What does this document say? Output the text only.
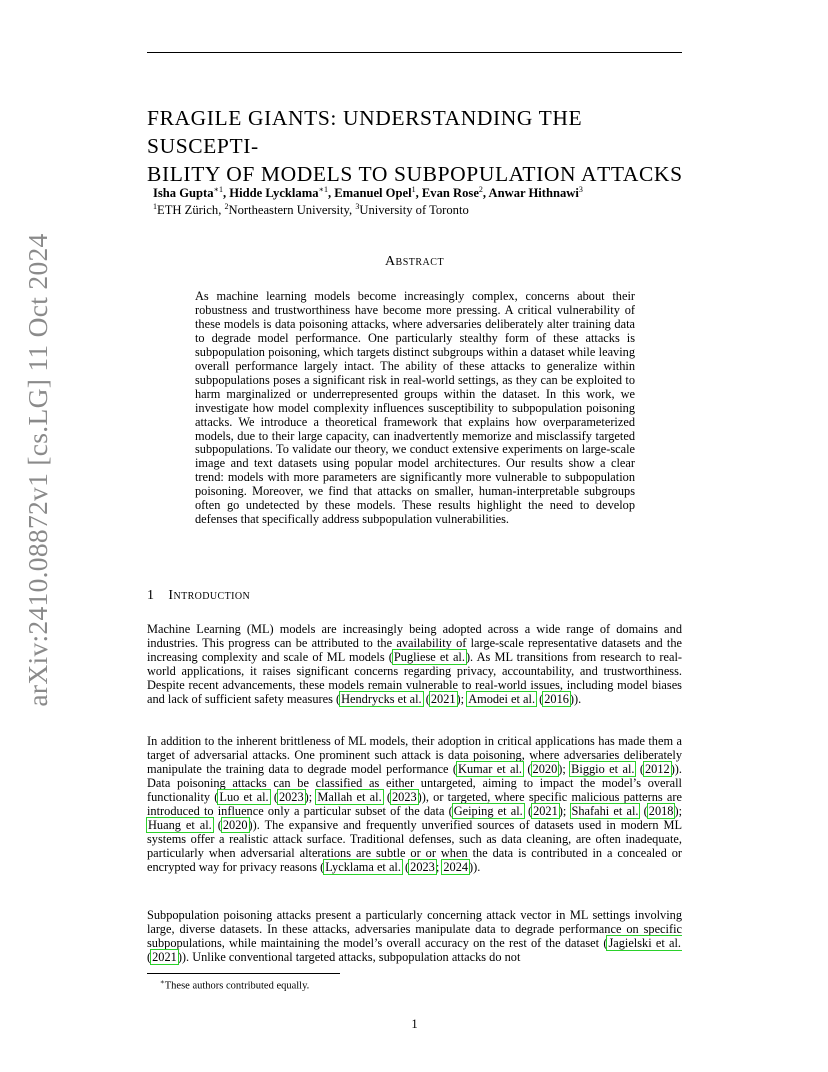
arXiv:2410.08872v1 [cs.LG] 11 Oct 2024
FRAGILE GIANTS: UNDERSTANDING THE SUSCEPTI-
BILITY OF MODELS TO SUBPOPULATION ATTACKS
Isha Gupta$^{∗1}$, Hidde Lycklama$^{∗1}$, Emanuel Opel$^1$, Evan Rose$^2$, Anwar Hithnawi$^3$
$^1$ETH Zürich, $^2$Northeastern University, $^3$University of Toronto
Abstract
As machine learning models become increasingly complex, concerns about their robustness and trustworthiness have become more pressing. A critical vulnerability of these models is data poisoning attacks, where adversaries deliberately alter training data to degrade model performance. One particularly stealthy form of these attacks is subpopulation poisoning, which targets distinct subgroups within a dataset while leaving overall performance largely intact. The ability of these attacks to generalize within subpopulations poses a significant risk in real-world settings, as they can be exploited to harm marginalized or underrepresented groups within the dataset. In this work, we investigate how model complexity influences susceptibility to subpopulation poisoning attacks. We introduce a theoretical framework that explains how overparameterized models, due to their large capacity, can inadvertently memorize and misclassify targeted subpopulations. To validate our theory, we conduct extensive experiments on large-scale image and text datasets using popular model architectures. Our results show a clear trend: models with more parameters are significantly more vulnerable to subpopulation poisoning. Moreover, we find that attacks on smaller, human-interpretable subgroups often go undetected by these models. These results highlight the need to develop defenses that specifically address subpopulation vulnerabilities.
1 Introduction
Machine Learning (ML) models are increasingly being adopted across a wide range of domains and industries. This progress can be attributed to the availability of large-scale representative datasets and the increasing complexity and scale of ML models (Pugliese et al.). As ML transitions from research to real-world applications, it raises significant concerns regarding privacy, accountability, and trustworthiness. Despite recent advancements, these models remain vulnerable to real-world issues, including model biases and lack of sufficient safety measures (Hendrycks et al. (2021); Amodei et al. (2016)).
In addition to the inherent brittleness of ML models, their adoption in critical applications has made them a target of adversarial attacks. One prominent such attack is data poisoning, where adversaries deliberately manipulate the training data to degrade model performance (Kumar et al. (2020); Biggio et al. (2012)). Data poisoning attacks can be classified as either untargeted, aiming to impact the model’s overall functionality (Luo et al. (2023); Mallah et al. (2023)), or targeted, where specific malicious patterns are introduced to influence only a particular subset of the data (Geiping et al. (2021); Shafahi et al. (2018); Huang et al. (2020)). The expansive and frequently unverified sources of datasets used in modern ML systems offer a realistic attack surface. Traditional defenses, such as data cleaning, are often inadequate, particularly when adversarial alterations are subtle or or when the data is contributed in a concealed or encrypted way for privacy reasons (Lycklama et al. (2023; 2024)).
Subpopulation poisoning attacks present a particularly concerning attack vector in ML settings involving large, diverse datasets. In these attacks, adversaries manipulate data to degrade performance on specific subpopulations, while maintaining the model’s overall accuracy on the rest of the dataset (Jagielski et al. (2021)). Unlike conventional targeted attacks, subpopulation attacks do not
∗These authors contributed equally.
1
